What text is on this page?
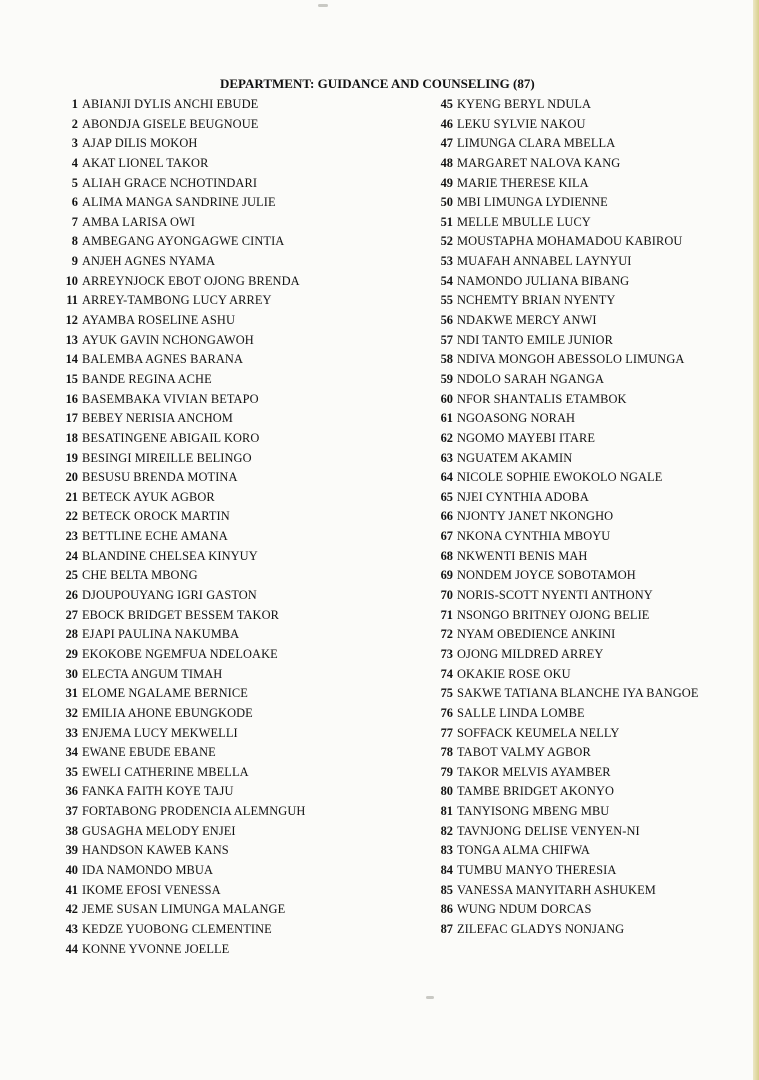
DEPARTMENT: GUIDANCE AND COUNSELING (87)
1 ABIANJI DYLIS ANCHI EBUDE
2 ABONDJA GISELE BEUGNOUE
3 AJAP DILIS MOKOH
4 AKAT LIONEL TAKOR
5 ALIAH GRACE NCHOTINDARI
6 ALIMA MANGA SANDRINE JULIE
7 AMBA LARISA OWI
8 AMBEGANG AYONGAGWE CINTIA
9 ANJEH AGNES NYAMA
10 ARREYNJOCK EBOT OJONG BRENDA
11 ARREY-TAMBONG LUCY ARREY
12 AYAMBA ROSELINE ASHU
13 AYUK GAVIN NCHONGAWOH
14 BALEMBA AGNES BARANA
15 BANDE REGINA ACHE
16 BASEMBAKA VIVIAN BETAPO
17 BEBEY NERISIA ANCHOM
18 BESATINGENE ABIGAIL KORO
19 BESINGI MIREILLE BELINGO
20 BESUSU BRENDA MOTINA
21 BETECK AYUK AGBOR
22 BETECK OROCK MARTIN
23 BETTLINE ECHE AMANA
24 BLANDINE CHELSEA KINYUY
25 CHE BELTA MBONG
26 DJOUPOUYANG IGRI GASTON
27 EBOCK BRIDGET BESSEM TAKOR
28 EJAPI PAULINA NAKUMBA
29 EKOKOBE NGEMFUA NDELOAKE
30 ELECTA ANGUM TIMAH
31 ELOME NGALAME BERNICE
32 EMILIA AHONE EBUNGKODE
33 ENJEMA LUCY MEKWELLI
34 EWANE EBUDE EBANE
35 EWELI CATHERINE MBELLA
36 FANKA FAITH KOYE TAJU
37 FORTABONG PRODENCIA ALEMNGUH
38 GUSAGHA MELODY ENJEI
39 HANDSON KAWEB KANS
40 IDA NAMONDO MBUA
41 IKOME EFOSI VENESSA
42 JEME SUSAN LIMUNGA MALANGE
43 KEDZE YUOBONG CLEMENTINE
44 KONNE YVONNE JOELLE
45 KYENG BERYL NDULA
46 LEKU SYLVIE NAKOU
47 LIMUNGA CLARA MBELLA
48 MARGARET NALOVA KANG
49 MARIE THERESE KILA
50 MBI LIMUNGA LYDIENNE
51 MELLE MBULLE LUCY
52 MOUSTAPHA MOHAMADOU KABIROU
53 MUAFAH ANNABEL LAYNYUI
54 NAMONDO JULIANA BIBANG
55 NCHEMTY BRIAN NYENTY
56 NDAKWE MERCY ANWI
57 NDI TANTO EMILE JUNIOR
58 NDIVA MONGOH ABESSOLO LIMUNGA
59 NDOLO SARAH NGANGA
60 NFOR SHANTALIS ETAMBOK
61 NGOASONG NORAH
62 NGOMO MAYEBI ITARE
63 NGUATEM AKAMIN
64 NICOLE SOPHIE EWOKOLO NGALE
65 NJEI CYNTHIA ADOBA
66 NJONTY JANET NKONGHO
67 NKONA CYNTHIA MBOYU
68 NKWENTI BENIS MAH
69 NONDEM JOYCE SOBOTAMOH
70 NORIS-SCOTT NYENTI ANTHONY
71 NSONGO BRITNEY OJONG BELIE
72 NYAM OBEDIENCE ANKINI
73 OJONG MILDRED ARREY
74 OKAKIE ROSE OKU
75 SAKWE TATIANA BLANCHE IYA BANGOE
76 SALLE LINDA LOMBE
77 SOFFACK KEUMELA NELLY
78 TABOT VALMY AGBOR
79 TAKOR MELVIS AYAMBER
80 TAMBE BRIDGET AKONYO
81 TANYISONG MBENG MBU
82 TAVNJONG DELISE VENYEN-NI
83 TONGA ALMA CHIFWA
84 TUMBU MANYO THERESIA
85 VANESSA MANYITARH ASHUKEM
86 WUNG NDUM DORCAS
87 ZILEFAC GLADYS NONJANG
